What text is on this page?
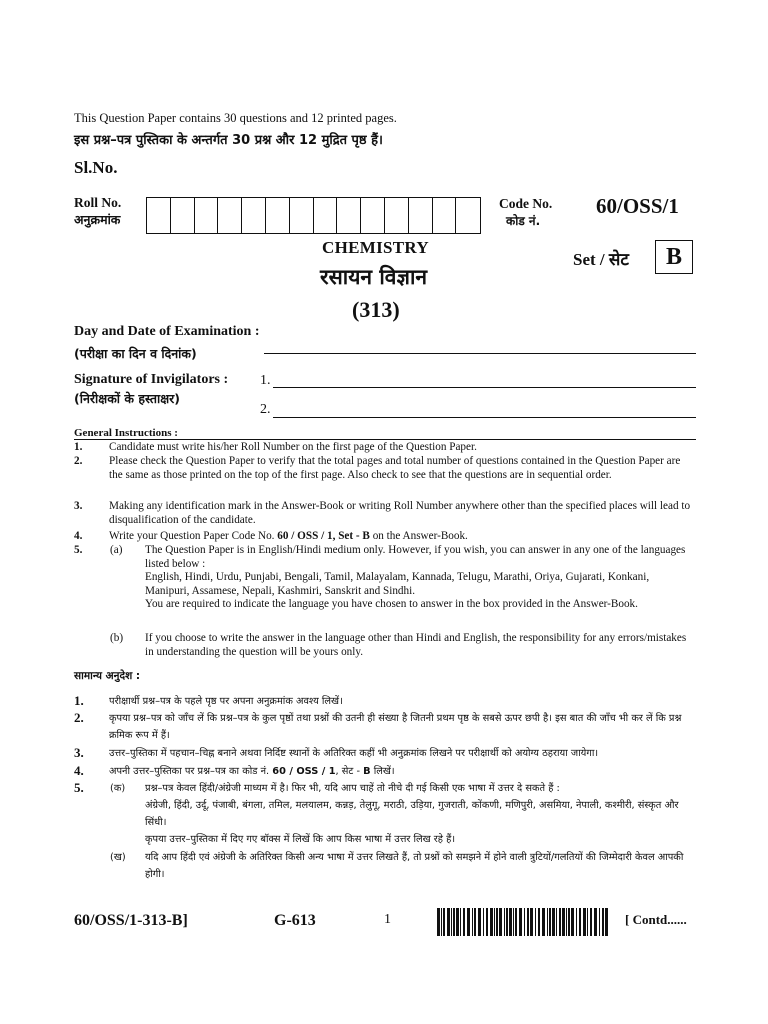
This Question Paper contains 30 questions and 12 printed pages.
इस प्रश्न–पत्र पुस्तिका के अन्तर्गत 30 प्रश्न और 12 मुद्रित पृष्ठ हैं।
Sl.No.
Roll No.
अनुक्रमांक
Code No.
कोड नं.
60/OSS/1
CHEMISTRY
रसायन विज्ञान
(313)
Set / सेट	B
Day and Date of Examination :
(परीक्षा का दिन व दिनांक)
Signature of Invigilators :
(निरीक्षकों के हस्ताक्षर)
1.
2.
General Instructions :
1. Candidate must write his/her Roll Number on the first page of the Question Paper.
2. Please check the Question Paper to verify that the total pages and total number of questions contained in the Question Paper are the same as those printed on the top of the first page. Also check to see that the questions are in sequential order.
3. Making any identification mark in the Answer-Book or writing Roll Number anywhere other than the specified places will lead to disqualification of the candidate.
4. Write your Question Paper Code No. 60 / OSS / 1, Set - B on the Answer-Book.
5. (a) The Question Paper is in English/Hindi medium only. However, if you wish, you can answer in any one of the languages listed below :
English, Hindi, Urdu, Punjabi, Bengali, Tamil, Malayalam, Kannada, Telugu, Marathi, Oriya, Gujarati, Konkani, Manipuri, Assamese, Nepali, Kashmiri, Sanskrit and Sindhi.
You are required to indicate the language you have chosen to answer in the box provided in the Answer-Book.
(b) If you choose to write the answer in the language other than Hindi and English, the responsibility for any errors/mistakes in understanding the question will be yours only.
सामान्य अनुदेश :
1.	परीक्षार्थी प्रश्न–पत्र के पहले पृष्ठ पर अपना अनुक्रमांक अवश्य लिखें।
2.	कृपया प्रश्न–पत्र को जाँच लें कि प्रश्न–पत्र के कुल पृष्ठों तथा प्रश्नों की उतनी ही संख्या है जितनी प्रथम पृष्ठ के सबसे ऊपर छपी है। इस बात की जाँच भी कर लें कि प्रश्न क्रमिक रूप में हैं।
3.	उत्तर–पुस्तिका में पहचान–चिह्न बनाने अथवा निर्दिष्ट स्थानों के अतिरिक्त कहीं भी अनुक्रमांक लिखने पर परीक्षार्थी को अयोग्य ठहराया जायेगा।
4.	अपनी उत्तर–पुस्तिका पर प्रश्न–पत्र का कोड नं. 60 / OSS / 1, सेट - B लिखें।
5.	(क) प्रश्न–पत्र केवल हिंदी/अंग्रेजी माध्यम में है। फिर भी, यदि आप चाहें तो नीचे दी गई किसी एक भाषा में उत्तर दे सकते हैं :
अंग्रेजी, हिंदी, उर्दू, पंजाबी, बंगला, तमिल, मलयालम, कन्नड़, तेलुगू, मराठी, उड़िया, गुजराती, कोंकणी, मणिपुरी, असमिया, नेपाली, कश्मीरी, संस्कृत और सिंधी।
कृपया उत्तर–पुस्तिका में दिए गए बॉक्स में लिखें कि आप किस भाषा में उत्तर लिख रहे हैं।
(ख) यदि आप हिंदी एवं अंग्रेजी के अतिरिक्त किसी अन्य भाषा में उत्तर लिखते हैं, तो प्रश्नों को समझने में होने वाली त्रुटियों/गलतियों की जिम्मेदारी केवल आपकी होगी।
60/OSS/1-313-B]	G-613	1	[ Contd......
